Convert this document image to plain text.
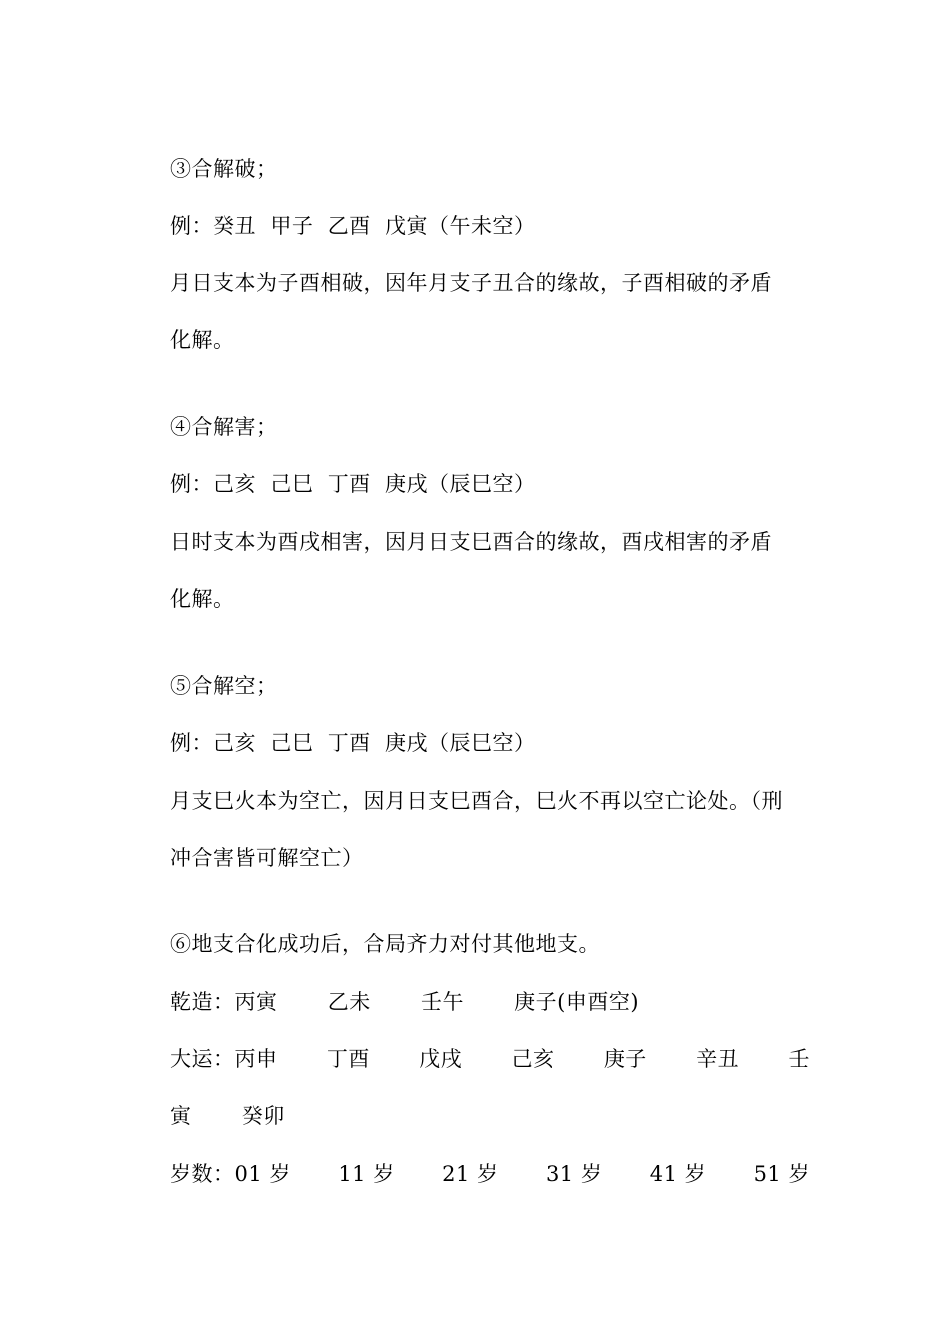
③合解破；
例：癸丑  甲子  乙酉  戊寅（午未空）
月日支本为子酉相破，因年月支子丑合的缘故，子酉相破的矛盾
化解。
④合解害；
例：己亥  己巳  丁酉  庚戌（辰巳空）
日时支本为酉戌相害，因月日支巳酉合的缘故，酉戌相害的矛盾
化解。
⑤合解空；
例：己亥  己巳  丁酉  庚戌（辰巳空）
月支巳火本为空亡，因月日支巳酉合，巳火不再以空亡论处。（刑
冲合害皆可解空亡）
⑥地支合化成功后，合局齐力对付其他地支。
乾造：丙寅       乙未       壬午       庚子(申酉空)
大运：丙申 丁酉 戊戌 己亥 庚子 辛丑 壬
寅       癸卯
岁数：01 岁 11 岁 21 岁 31 岁 41 岁 51 岁
